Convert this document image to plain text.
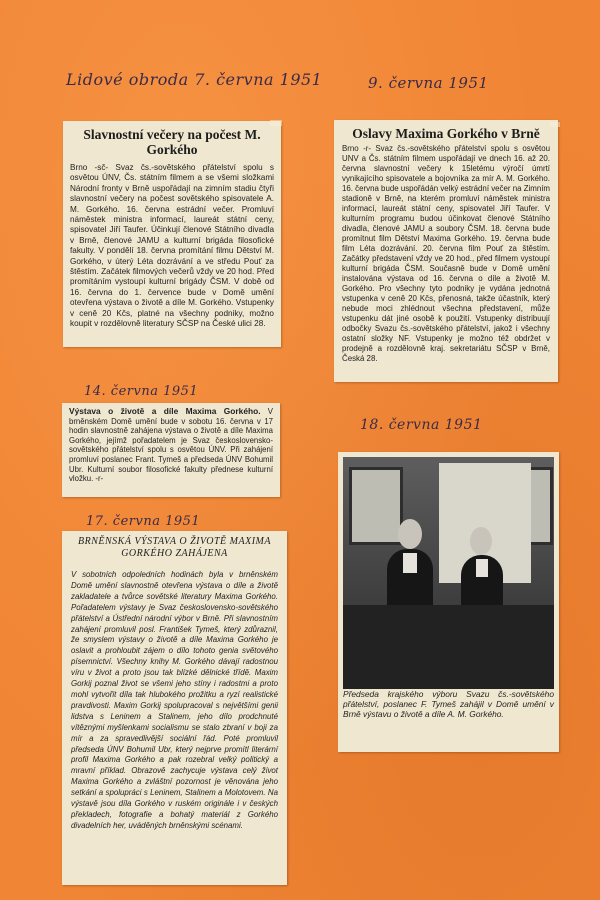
Lidové obroda 7. června 1951	9. června 1951
14. června 1951
18. června 1951
17. června 1951
Slavnostní večery na počest M. Gorkého

Brno -sč- Svaz čs.-sovětského přátelství spolu s osvětou ÚNV, Čs. státním filmem a se všemi složkami Národní fronty v Brně uspořádají na zimním stadiu čtyři slavnostní večery na počest sovětského spisovatele A. M. Gorkého. 16. června estrádní večer. Promluví náměstek ministra informací, laureát státní ceny, spisovatel Jiří Taufer. Účinkují členové Státního divadla v Brně, členové JAMU a kulturní brigáda filosofické fakulty. V pondělí 18. června promítání filmu Dětství M. Gorkého, v úterý Léta dozrávání a ve středu Pouť za štěstím. Začátek filmových večerů vždy ve 20 hod. Před promítáním vystoupí kulturní brigády ČSM. V době od 16. června do 1. července bude v Domě umění otevřena výstava o životě a díle M. Gorkého. Vstupenky v ceně 20 Kčs, platné na všechny podniky, možno koupit v rozdělovně literatury SČSP na České ulici 28.

Oslavy Maxima Gorkého v Brně

Brno -r- Svaz čs.-sovětského přátelství spolu s osvětou UNV a Čs. státním filmem uspořádají ve dnech 16. až 20. června slavnostní večery k 15letému výročí úmrtí vynikajícího spisovatele a bojovníka za mír A. M. Gorkého. 16. června bude uspořádán velký estrádní večer na Zimním stadioně v Brně, na kterém promluví náměstek ministra informací, laureát státní ceny, spisovatel Jiří Taufer. V kulturním programu budou účinkovat členové Státního divadla, členové JAMU a soubory ČSM. 18. června bude promítnut film Dětství Maxima Gorkého. 19. června bude film Léta dozrávání. 20. června film Pouť za štěstím. Začátky představení vždy ve 20 hod., před filmem vystoupí kulturní brigáda ČSM. Současně bude v Domě umění instalována výstava od 16. června o díle a životě M. Gorkého. Pro všechny tyto podniky je vydána jednotná vstupenka v ceně 20 Kčs, přenosná, takže účastník, který nebude moci zhlédnout všechna představení, může vstupenku dát jiné osobě k použití. Vstupenky distribuují odbočky Svazu čs.-sovětského přátelství, jakož i všechny ostatní složky NF. Vstupenky je možno též obdržet v prodejně a rozdělovně kraj. sekretariátu SČSP v Brně, Česká 28.

Výstava o životě a díle Maxima Gorkého. V brněnském Domě umění bude v sobotu 16. června v 17 hodin slavnostně zahájena výstava o životě a díle Maxima Gorkého, jejímž pořadatelem je Svaz československo-sovětského přátelství spolu s osvětou ÚNV. Při zahájení promluví poslanec Frant. Tymeš a předseda ÚNV Bohumil Ubr. Kulturní soubor filosofické fakulty přednese kulturní vložku. -r-

BRNĚNSKÁ VÝSTAVA O ŽIVOTĚ MAXIMA GORKÉHO ZAHÁJENA

V sobotních odpoledních hodinách byla v brněnském Domě umění slavnostně otevřena výstava o díle a životě zakladatele a tvůrce sovětské literatury Maxima Gorkého. Pořadatelem výstavy je Svaz československo-sovětského přátelství a Ústřední národní výbor v Brně. Při slavnostním zahájení promluvil posl. František Tymeš, který zdůraznil, že smyslem výstavy o životě a díle Maxima Gorkého je oslavit a prohloubit zájem o dílo tohoto genia světového písemnictví. Všechny knihy M. Gorkého dávají radostnou víru v život a proto jsou tak blízké dělnické třídě. Maxim Gorkij poznal život se všemi jeho stíny i radostmi a proto mohl vytvořit díla tak hlubokého prožitku a ryzí realistické pravdivosti. Maxim Gorkij spolupracoval s největšími genii lidstva s Leninem a Stalinem, jeho dílo prodchnuté vítěznými myšlenkami socialismu se stalo zbraní v boji za mír a za spravedlivější sociální řád. Poté promluvil předseda ÚNV Bohumil Ubr, který nejprve promítl literární profil Maxima Gorkého a pak rozebral velký politický a mravní příklad. Obrazově zachycuje výstava celý život Maxima Gorkého a zvláštní pozornost je věnována jeho setkání a spolupráci s Leninem, Stalinem a Molotovem. Na výstavě jsou díla Gorkého v ruském originále i v českých překladech, fotografie a bohatý materiál z Gorkého divadelních her, uváděných brněnskými scénami.

Předseda krajského výboru Svazu čs.-sovětského přátelství, poslanec F. Tymeš zahájil v Domě umění v Brně výstavu o životě a díle A. M. Gorkého.
